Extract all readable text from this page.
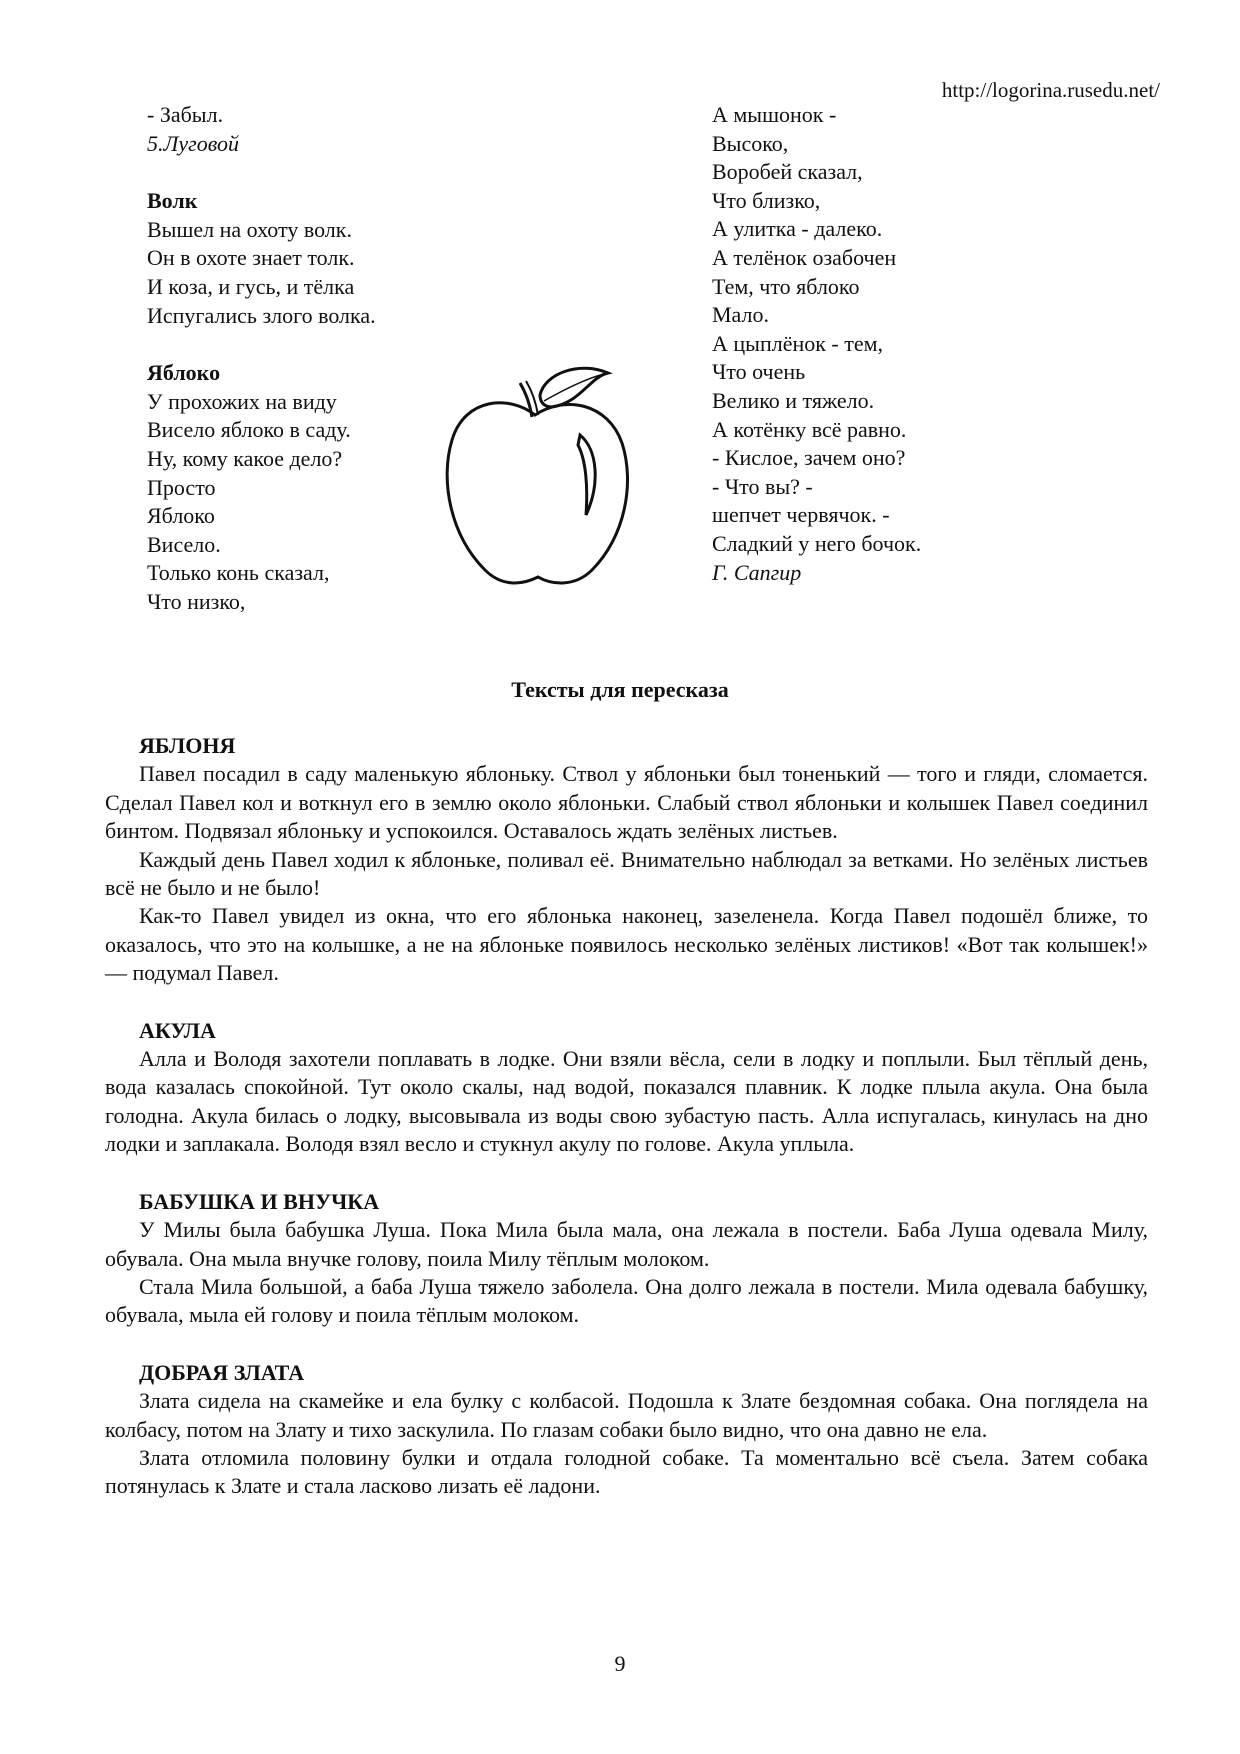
http://logorina.rusedu.net/
- Забыл.
5.Луговой
Волк
Вышел на охоту волк.
Он в охоте знает толк.
И коза, и гусь, и тёлка
Испугались злого волка.
Яблоко
У прохожих на виду
Висело яблоко в саду.
Ну, кому какое дело?
Просто
Яблоко
Висело.
Только конь сказал,
Что низко,
А мышонок -
Высоко,
Воробей сказал,
Что близко,
А улитка - далеко.
А телёнок озабочен
Тем, что яблоко
Мало.
А цыплёнок - тем,
Что очень
Велико и тяжело.
А котёнку всё равно.
- Кислое, зачем оно?
- Что вы? -
шепчет червячок. -
Сладкий у него бочок.
Г. Сапгир
Тексты для пересказа
ЯБЛОНЯ

Павел посадил в саду маленькую яблоньку. Ствол у яблоньки был тоненький — того и гляди, сломается. Сделал Павел кол и воткнул его в землю около яблоньки. Слабый ствол яблоньки и колышек Павел соединил бинтом. Подвязал яблоньку и успокоился. Оставалось ждать зелёных листьев.

Каждый день Павел ходил к яблоньке, поливал её. Внимательно наблюдал за ветками. Но зелёных листьев всё не было и не было!

Как-то Павел увидел из окна, что его яблонька наконец, зазеленела. Когда Павел подошёл ближе, то оказалось, что это на колышке, а не на яблоньке появилось несколько зелёных листиков! «Вот так колышек!» — подумал Павел.

АКУЛА

Алла и Володя захотели поплавать в лодке. Они взяли вёсла, сели в лодку и поплыли. Был тёплый день, вода казалась спокойной. Тут около скалы, над водой, показался плавник. К лодке плыла акула. Она была голодна. Акула билась о лодку, высовывала из воды свою зубастую пасть. Алла испугалась, кинулась на дно лодки и заплакала. Володя взял весло и стукнул акулу по голове. Акула уплыла.

БАБУШКА И ВНУЧКА

У Милы была бабушка Луша. Пока Мила была мала, она лежала в постели. Баба Луша одевала Милу, обувала. Она мыла внучке голову, поила Милу тёплым молоком.

Стала Мила большой, а баба Луша тяжело заболела. Она долго лежала в постели. Мила одевала бабушку, обувала, мыла ей голову и поила тёплым молоком.

ДОБРАЯ ЗЛАТА

Злата сидела на скамейке и ела булку с колбасой. Подошла к Злате бездомная собака. Она поглядела на колбасу, потом на Злату и тихо заскулила. По глазам собаки было видно, что она давно не ела.

Злата отломила половину булки и отдала голодной собаке. Та моментально всё съела. Затем собака потянулась к Злате и стала ласково лизать её ладони.

9
